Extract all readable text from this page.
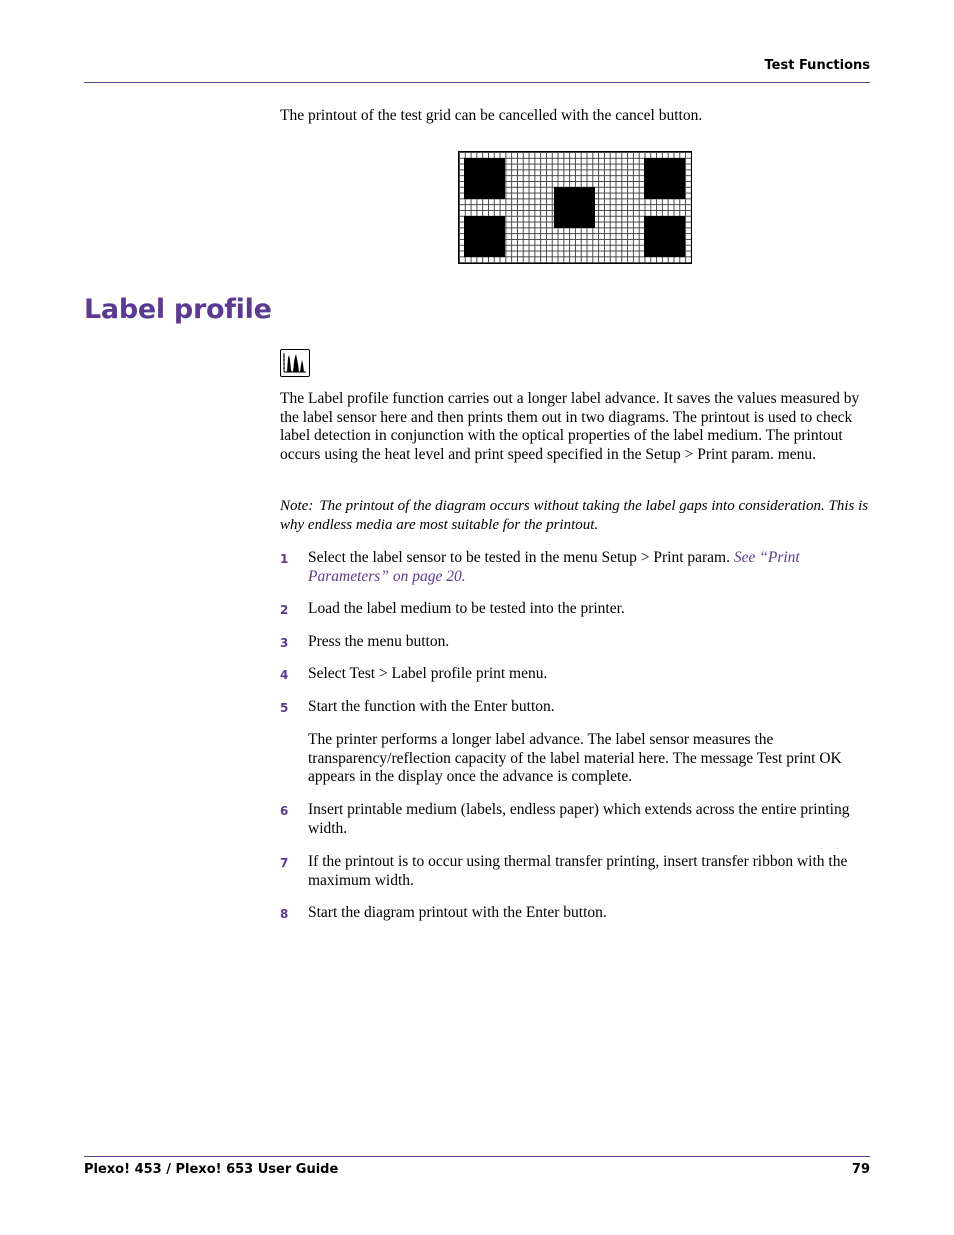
Test Functions
The printout of the test grid can be cancelled with the cancel button.
Label profile
The Label profile function carries out a longer label advance. It saves the values measured by the label sensor here and then prints them out in two diagrams. The printout is used to check label detection in conjunction with the optical properties of the label medium. The printout occurs using the heat level and print speed specified in the Setup > Print param. menu.
Note: The printout of the diagram occurs without taking the label gaps into consideration. This is why endless media are most suitable for the printout.
1 Select the label sensor to be tested in the menu Setup > Print param. See “Print Parameters” on page 20.
2 Load the label medium to be tested into the printer.
3 Press the menu button.
4 Select Test > Label profile print menu.
5 Start the function with the Enter button.
The printer performs a longer label advance. The label sensor measures the transparency/reflection capacity of the label material here. The message Test print OK appears in the display once the advance is complete.
6 Insert printable medium (labels, endless paper) which extends across the entire printing width.
7 If the printout is to occur using thermal transfer printing, insert transfer ribbon with the maximum width.
8 Start the diagram printout with the Enter button.
Plexo! 453 / Plexo! 653 User Guide	79
